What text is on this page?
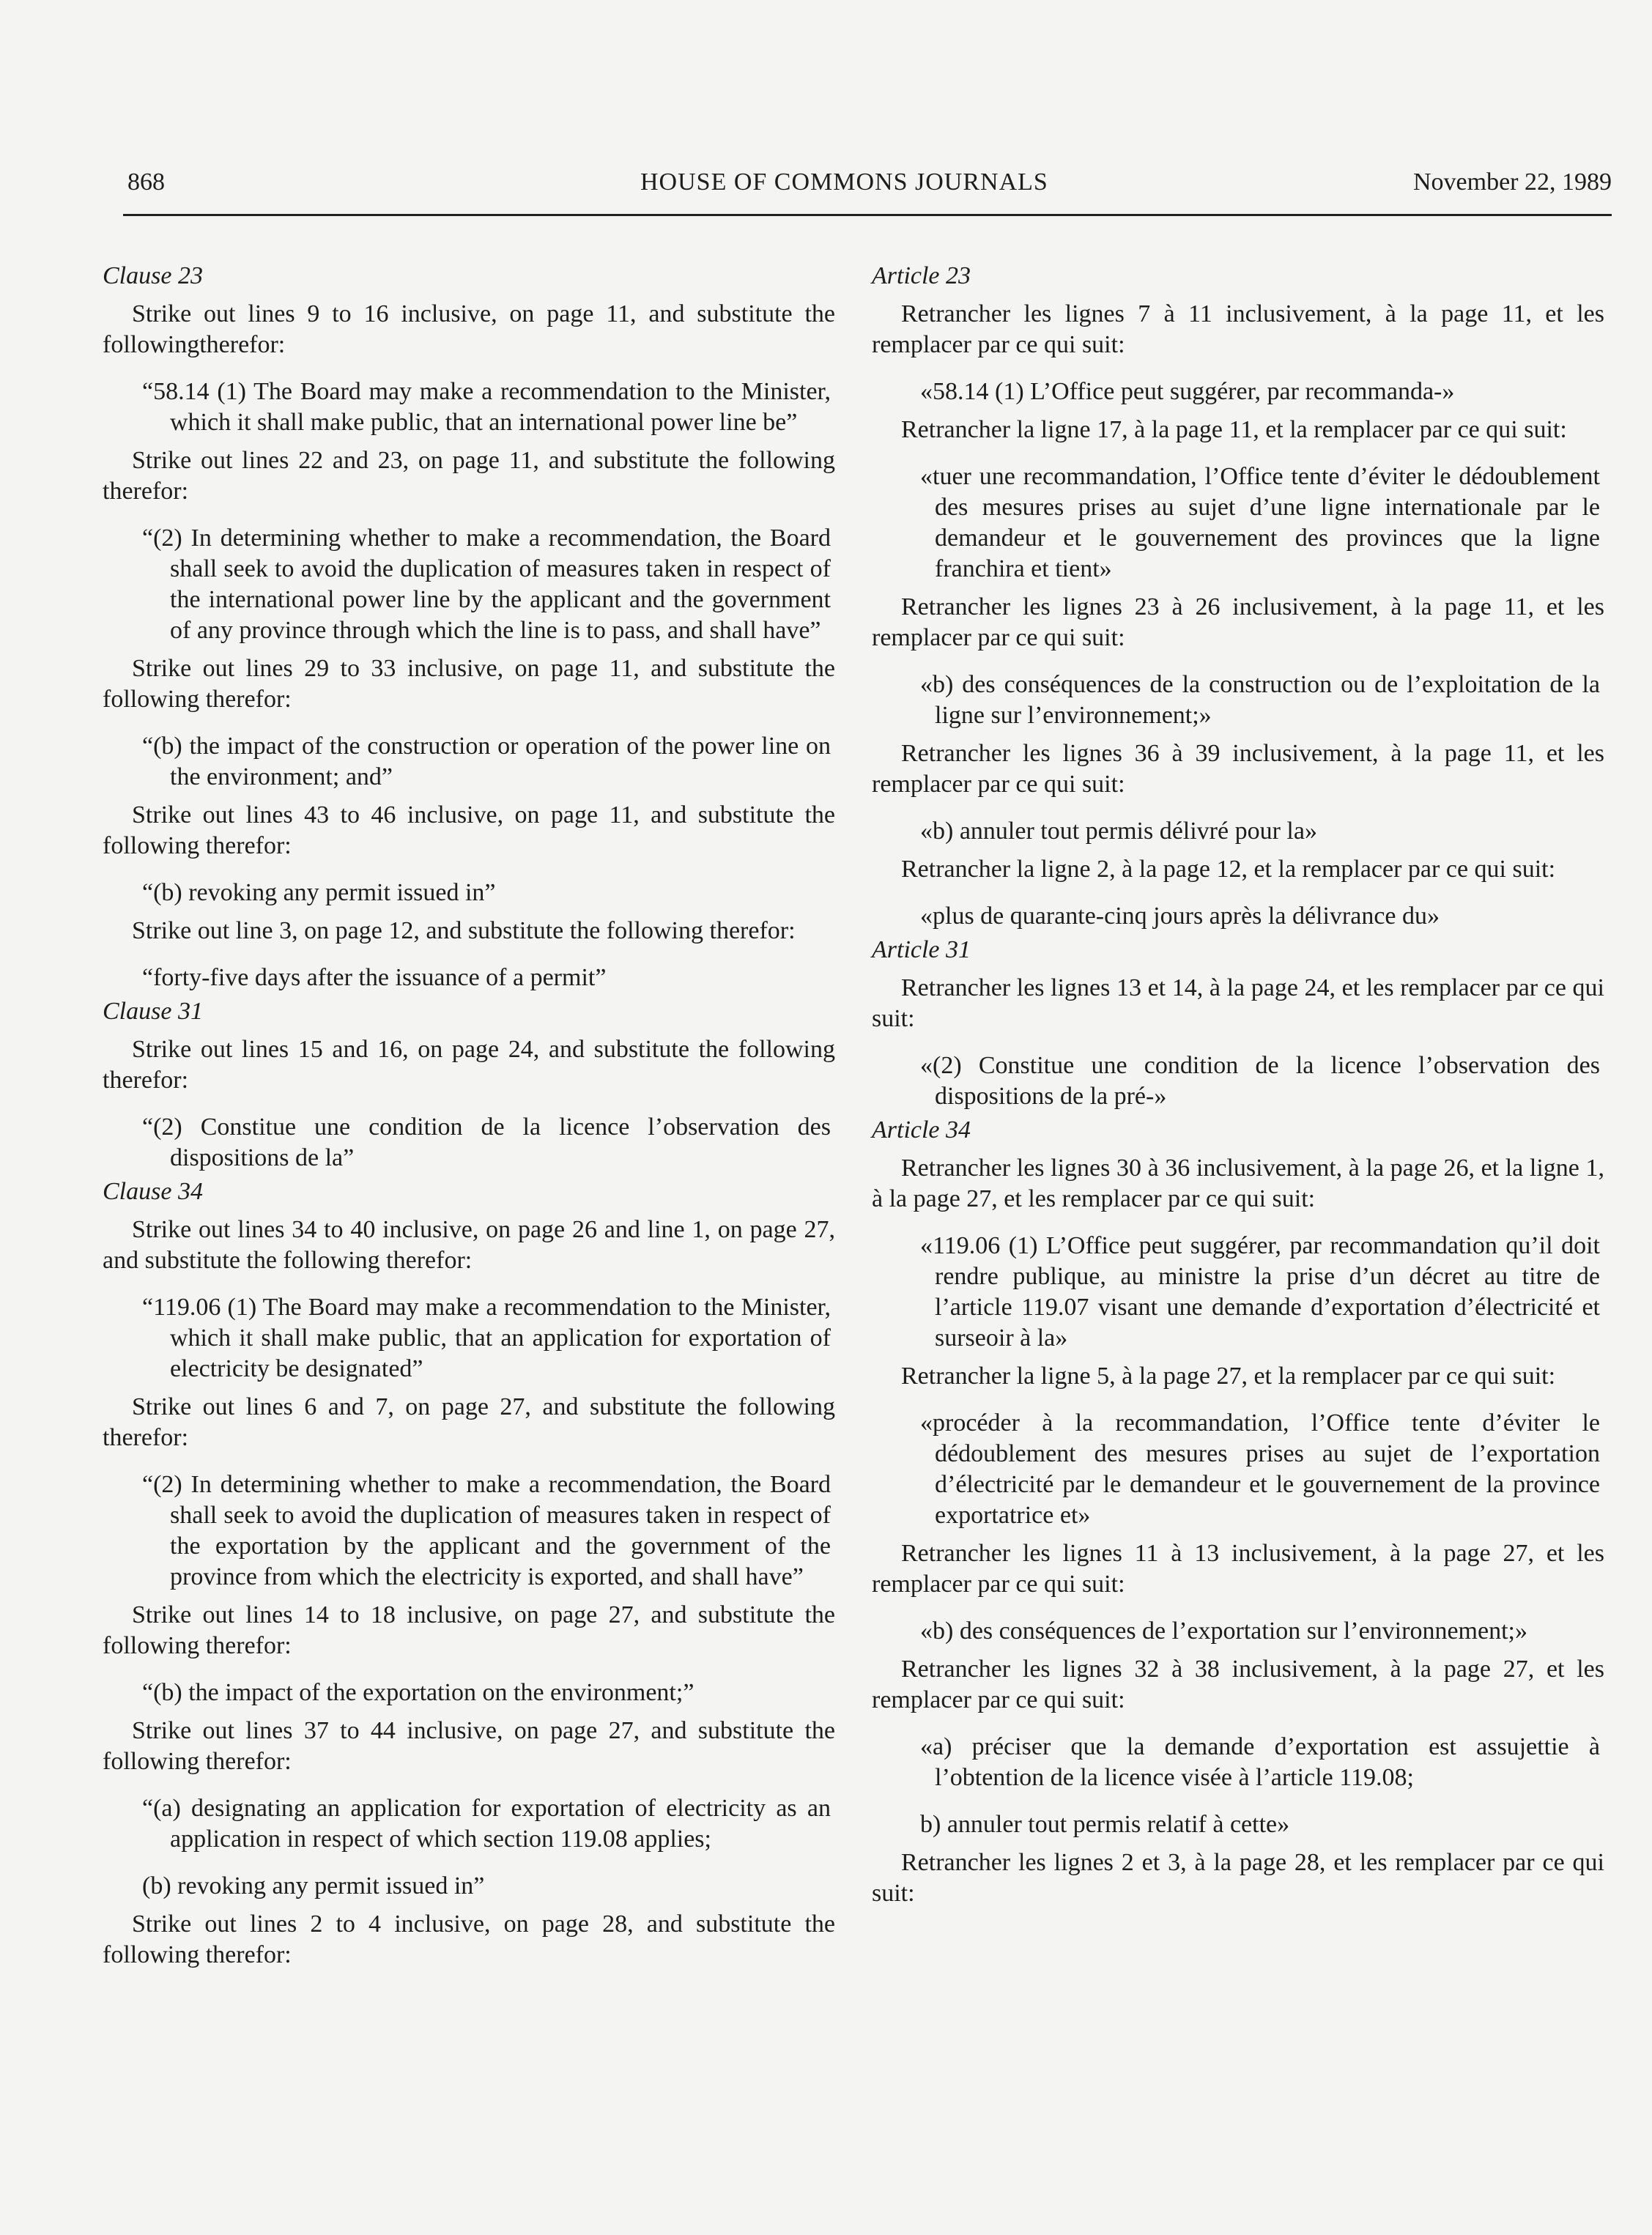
868	HOUSE OF COMMONS JOURNALS	November 22, 1989

Clause 23

Strike out lines 9 to 16 inclusive, on page 11, and substitute the followingtherefor:

“58.14 (1) The Board may make a recommendation to the Minister, which it shall make public, that an international power line be”

Strike out lines 22 and 23, on page 11, and substitute the following therefor:

“(2) In determining whether to make a recommendation, the Board shall seek to avoid the duplication of measures taken in respect of the international power line by the applicant and the government of any province through which the line is to pass, and shall have”

Strike out lines 29 to 33 inclusive, on page 11, and substitute the following therefor:

“(b) the impact of the construction or operation of the power line on the environment; and”

Strike out lines 43 to 46 inclusive, on page 11, and substitute the following therefor:

“(b) revoking any permit issued in”

Strike out line 3, on page 12, and substitute the following therefor:

“forty-five days after the issuance of a permit”

Clause 31

Strike out lines 15 and 16, on page 24, and substitute the following therefor:

“(2) Constitue une condition de la licence l’observation des dispositions de la”

Clause 34

Strike out lines 34 to 40 inclusive, on page 26 and line 1, on page 27, and substitute the following therefor:

“119.06 (1) The Board may make a recommendation to the Minister, which it shall make public, that an application for exportation of electricity be designated”

Strike out lines 6 and 7, on page 27, and substitute the following therefor:

“(2) In determining whether to make a recommendation, the Board shall seek to avoid the duplication of measures taken in respect of the exportation by the applicant and the government of the province from which the electricity is exported, and shall have”

Strike out lines 14 to 18 inclusive, on page 27, and substitute the following therefor:

“(b) the impact of the exportation on the environment;”

Strike out lines 37 to 44 inclusive, on page 27, and substitute the following therefor:

“(a) designating an application for exportation of electricity as an application in respect of which section 119.08 applies;

(b) revoking any permit issued in”

Strike out lines 2 to 4 inclusive, on page 28, and substitute the following therefor:

Article 23

Retrancher les lignes 7 à 11 inclusivement, à la page 11, et les remplacer par ce qui suit:

«58.14 (1) L’Office peut suggérer, par recommanda-»

Retrancher la ligne 17, à la page 11, et la remplacer par ce qui suit:

«tuer une recommandation, l’Office tente d’éviter le dédoublement des mesures prises au sujet d’une ligne internationale par le demandeur et le gouvernement des provinces que la ligne franchira et tient»

Retrancher les lignes 23 à 26 inclusivement, à la page 11, et les remplacer par ce qui suit:

«b) des conséquences de la construction ou de l’exploitation de la ligne sur l’environnement;»

Retrancher les lignes 36 à 39 inclusivement, à la page 11, et les remplacer par ce qui suit:

«b) annuler tout permis délivré pour la»

Retrancher la ligne 2, à la page 12, et la remplacer par ce qui suit:

«plus de quarante-cinq jours après la délivrance du»

Article 31

Retrancher les lignes 13 et 14, à la page 24, et les remplacer par ce qui suit:

«(2) Constitue une condition de la licence l’observation des dispositions de la pré-»

Article 34

Retrancher les lignes 30 à 36 inclusivement, à la page 26, et la ligne 1, à la page 27, et les remplacer par ce qui suit:

«119.06 (1) L’Office peut suggérer, par recommandation qu’il doit rendre publique, au ministre la prise d’un décret au titre de l’article 119.07 visant une demande d’exportation d’électricité et surseoir à la»

Retrancher la ligne 5, à la page 27, et la remplacer par ce qui suit:

«procéder à la recommandation, l’Office tente d’éviter le dédoublement des mesures prises au sujet de l’exportation d’électricité par le demandeur et le gouvernement de la province exportatrice et»

Retrancher les lignes 11 à 13 inclusivement, à la page 27, et les remplacer par ce qui suit:

«b) des conséquences de l’exportation sur l’environnement;»

Retrancher les lignes 32 à 38 inclusivement, à la page 27, et les remplacer par ce qui suit:

«a) préciser que la demande d’exportation est assujettie à l’obtention de la licence visée à l’article 119.08;

b) annuler tout permis relatif à cette»

Retrancher les lignes 2 et 3, à la page 28, et les remplacer par ce qui suit:
